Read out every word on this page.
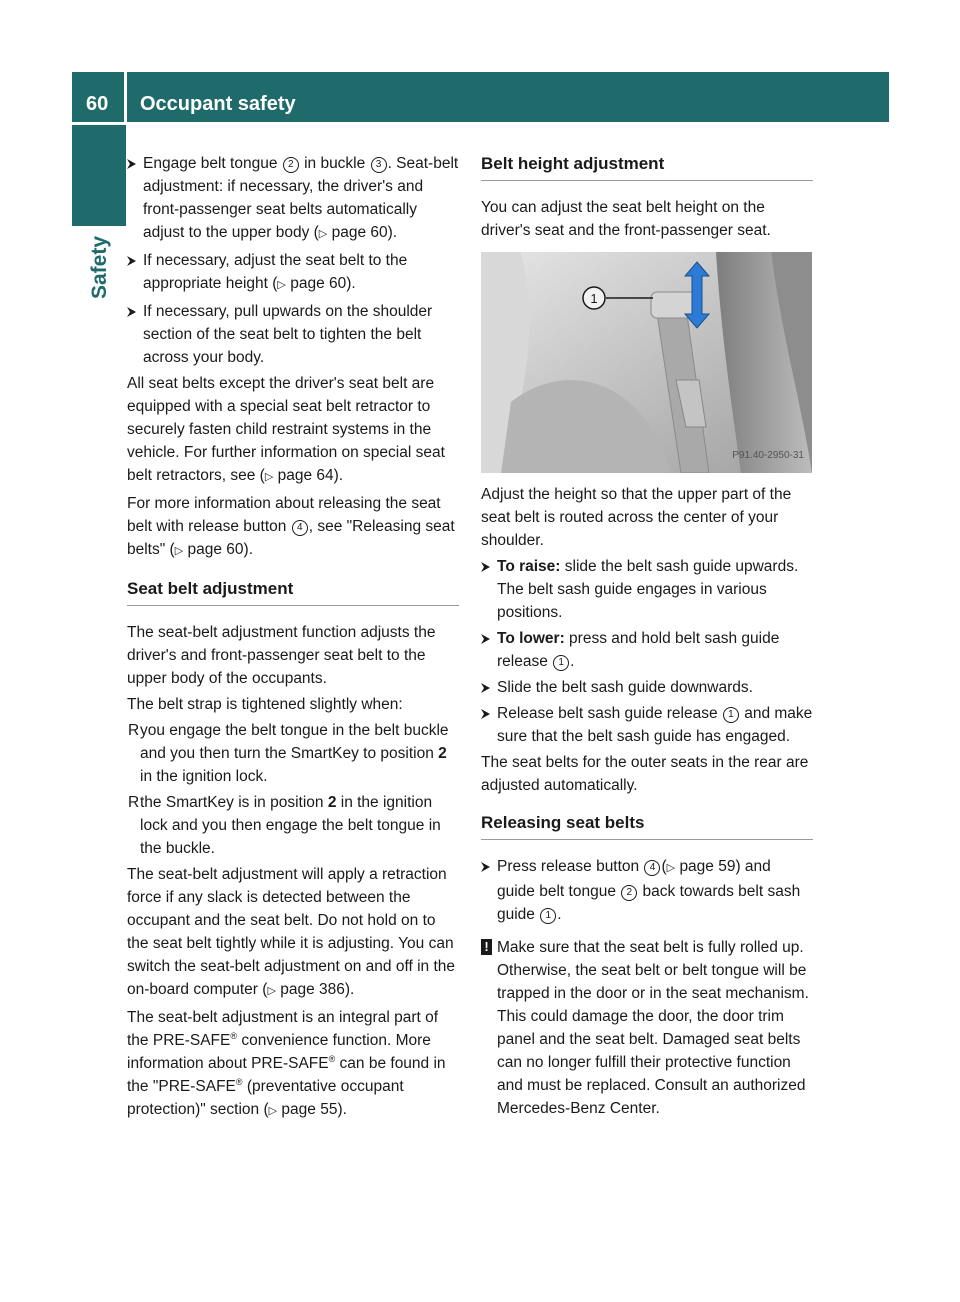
60	Occupant safety
Safety
Engage belt tongue 2 in buckle 3 . Seat-belt adjustment: if necessary, the driver's and front-passenger seat belts automatically adjust to the upper body (▷ page 60).
If necessary, adjust the seat belt to the appropriate height (▷ page 60).
If necessary, pull upwards on the shoulder section of the seat belt to tighten the belt across your body.

All seat belts except the driver's seat belt are equipped with a special seat belt retractor to securely fasten child restraint systems in the vehicle. For further information on special seat belt retractors, see (▷ page 64).

For more information about releasing the seat belt with release button 4 , see "Releasing seat belts" (▷ page 60).

Seat belt adjustment

The seat-belt adjustment function adjusts the driver's and front-passenger seat belt to the upper body of the occupants.

The belt strap is tightened slightly when:

R you engage the belt tongue in the belt buckle and you then turn the SmartKey to position 2 in the ignition lock.
R the SmartKey is in position 2 in the ignition lock and you then engage the belt tongue in the buckle.

The seat-belt adjustment will apply a retraction force if any slack is detected between the occupant and the seat belt. Do not hold on to the seat belt tightly while it is adjusting. You can switch the seat-belt adjustment on and off in the on-board computer (▷ page 386).

The seat-belt adjustment is an integral part of the PRE-SAFE® convenience function. More information about PRE-SAFE® can be found in the "PRE-SAFE® (preventative occupant protection)" section (▷ page 55).

Belt height adjustment

You can adjust the seat belt height on the driver's seat and the front-passenger seat.

1
P91.40-2950-31

Adjust the height so that the upper part of the seat belt is routed across the center of your shoulder.

To raise: slide the belt sash guide upwards. The belt sash guide engages in various positions.
To lower: press and hold belt sash guide release 1 .
Slide the belt sash guide downwards.
Release belt sash guide release 1 and make sure that the belt sash guide has engaged.

The seat belts for the outer seats in the rear are adjusted automatically.

Releasing seat belts
Press release button 4 (▷ page 59) and guide belt tongue 2 back towards belt sash guide 1 .
! Make sure that the seat belt is fully rolled up. Otherwise, the seat belt or belt tongue will be trapped in the door or in the seat mechanism. This could damage the door, the door trim panel and the seat belt. Damaged seat belts can no longer fulfill their protective function and must be replaced. Consult an authorized Mercedes-Benz Center.
